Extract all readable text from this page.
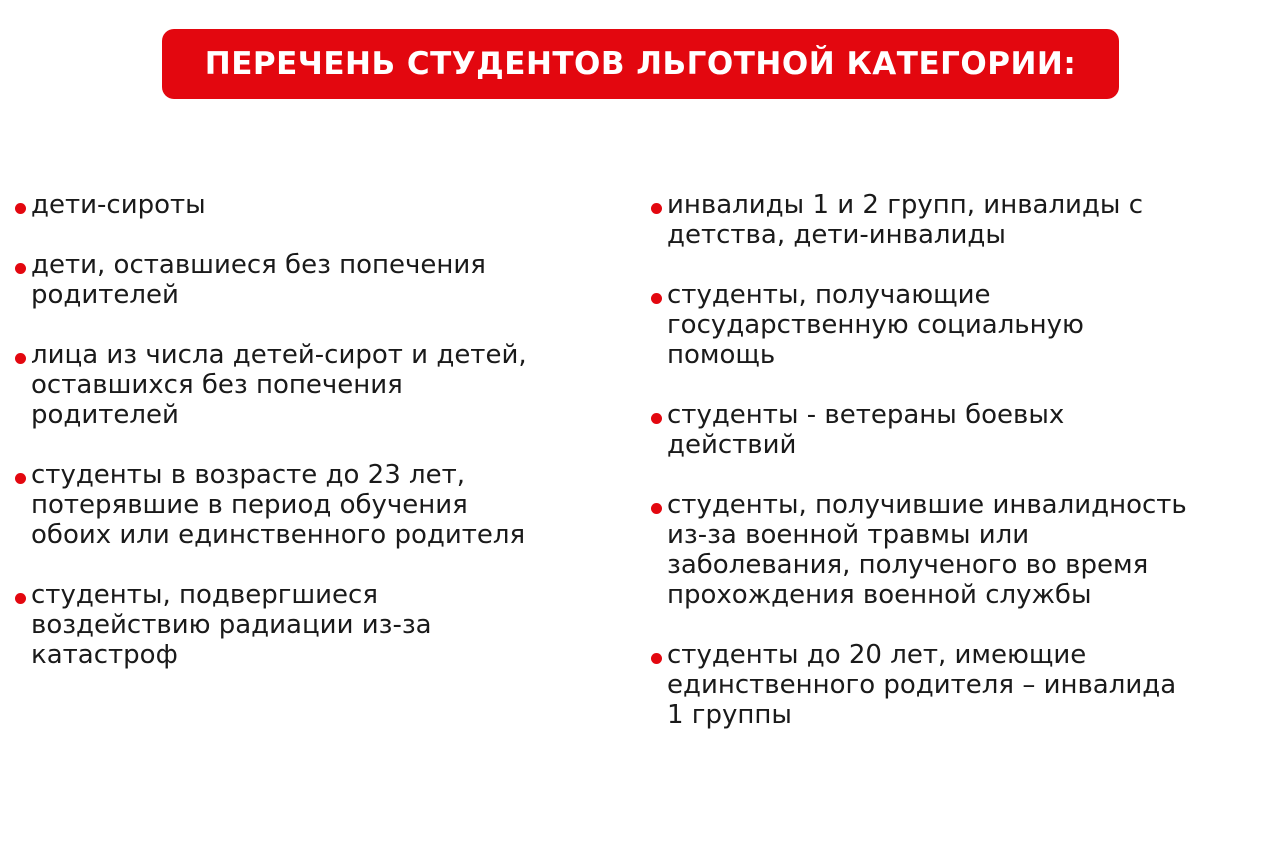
ПЕРЕЧЕНЬ СТУДЕНТОВ ЛЬГОТНОЙ КАТЕГОРИИ:
дети-сироты
дети, оставшиеся без попечения
родителей
лица из числа детей-сирот и детей,
оставшихся без попечения
родителей
студенты в возрасте до 23 лет,
потерявшие в период обучения
обоих или единственного родителя
студенты, подвергшиеся
воздействию радиации из-за
катастроф
инвалиды 1 и 2 групп, инвалиды с
детства, дети-инвалиды
студенты, получающие
государственную социальную
помощь
студенты - ветераны боевых
действий
студенты, получившие инвалидность
из-за военной травмы или
заболевания, полученого во время
прохождения военной службы
студенты до 20 лет, имеющие
единственного родителя – инвалида
1 группы
